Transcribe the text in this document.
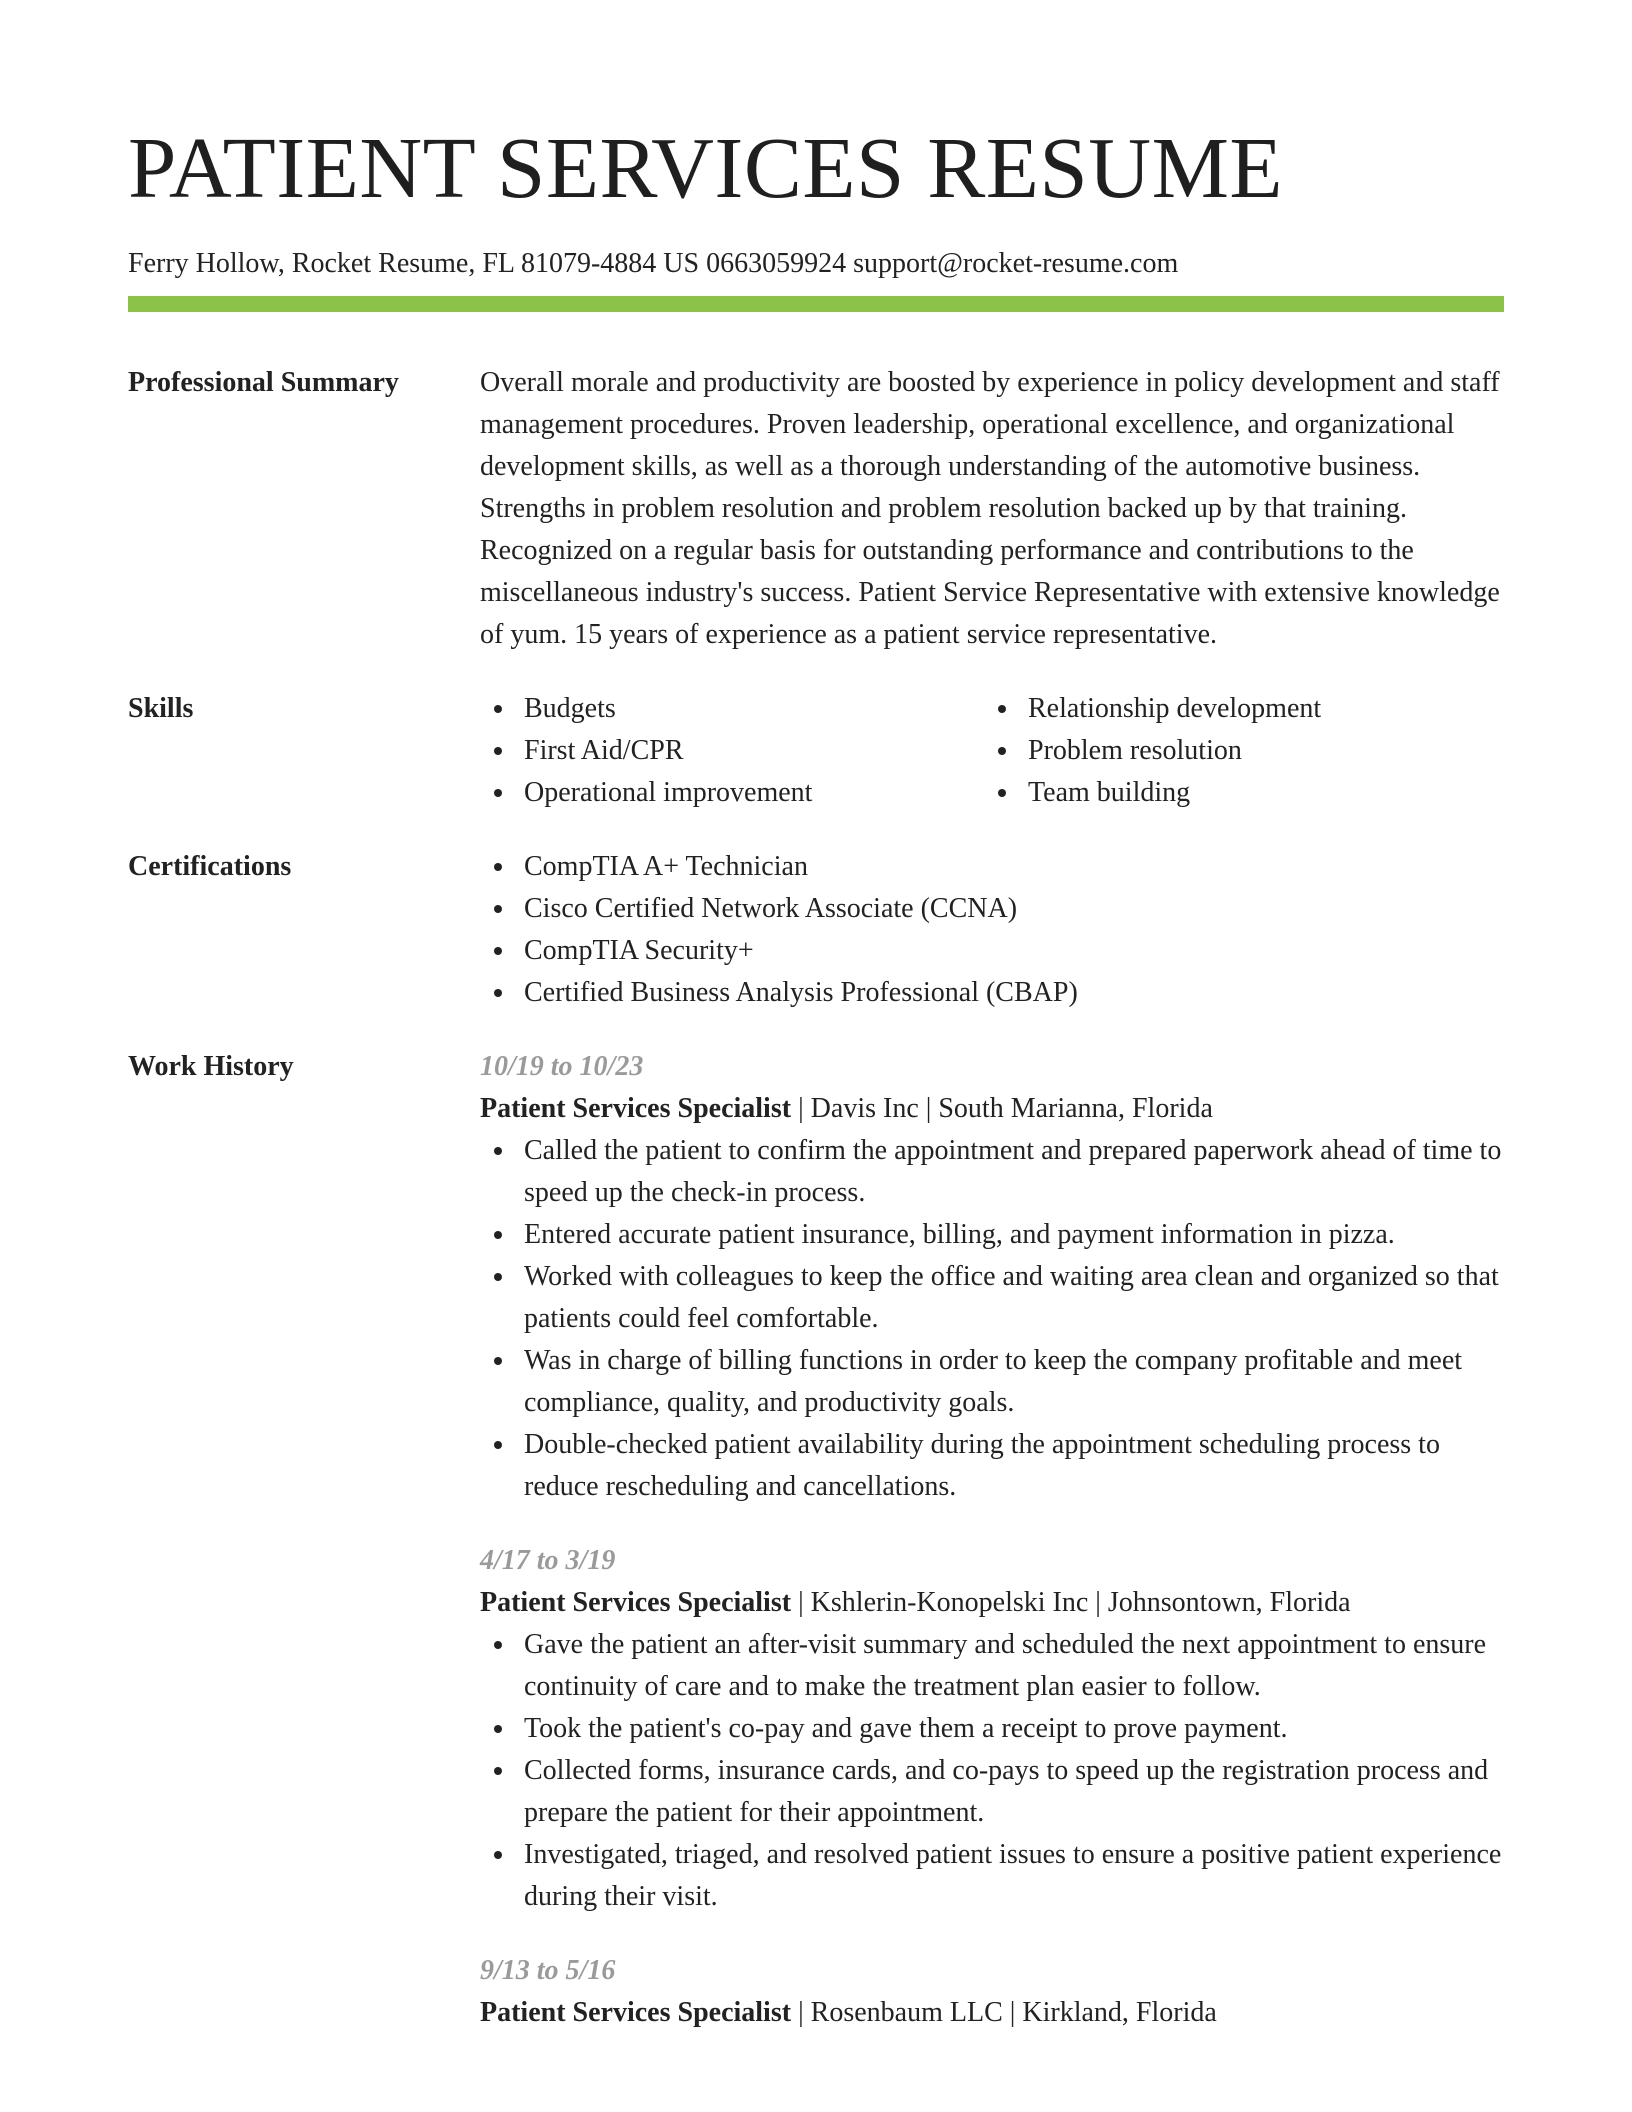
PATIENT SERVICES RESUME
Ferry Hollow, Rocket Resume, FL 81079-4884 US 0663059924 support@rocket-resume.com
Professional Summary	Overall morale and productivity are boosted by experience in policy development and staff management procedures. Proven leadership, operational excellence, and organizational development skills, as well as a thorough understanding of the automotive business. Strengths in problem resolution and problem resolution backed up by that training. Recognized on a regular basis for outstanding performance and contributions to the miscellaneous industry's success. Patient Service Representative with extensive knowledge of yum. 15 years of experience as a patient service representative.
Skills	Budgets
First Aid/CPR
Operational improvement
Relationship development
Problem resolution
Team building
Certifications	CompTIA A+ Technician
Cisco Certified Network Associate (CCNA)
CompTIA Security+
Certified Business Analysis Professional (CBAP)
Work History	10/19 to 10/23
Patient Services Specialist | Davis Inc | South Marianna, Florida
Called the patient to confirm the appointment and prepared paperwork ahead of time to speed up the check-in process.
Entered accurate patient insurance, billing, and payment information in pizza.
Worked with colleagues to keep the office and waiting area clean and organized so that patients could feel comfortable.
Was in charge of billing functions in order to keep the company profitable and meet compliance, quality, and productivity goals.
Double-checked patient availability during the appointment scheduling process to reduce rescheduling and cancellations.
4/17 to 3/19
Patient Services Specialist | Kshlerin-Konopelski Inc | Johnsontown, Florida
Gave the patient an after-visit summary and scheduled the next appointment to ensure continuity of care and to make the treatment plan easier to follow.
Took the patient's co-pay and gave them a receipt to prove payment.
Collected forms, insurance cards, and co-pays to speed up the registration process and prepare the patient for their appointment.
Investigated, triaged, and resolved patient issues to ensure a positive patient experience during their visit.
9/13 to 5/16
Patient Services Specialist | Rosenbaum LLC | Kirkland, Florida
